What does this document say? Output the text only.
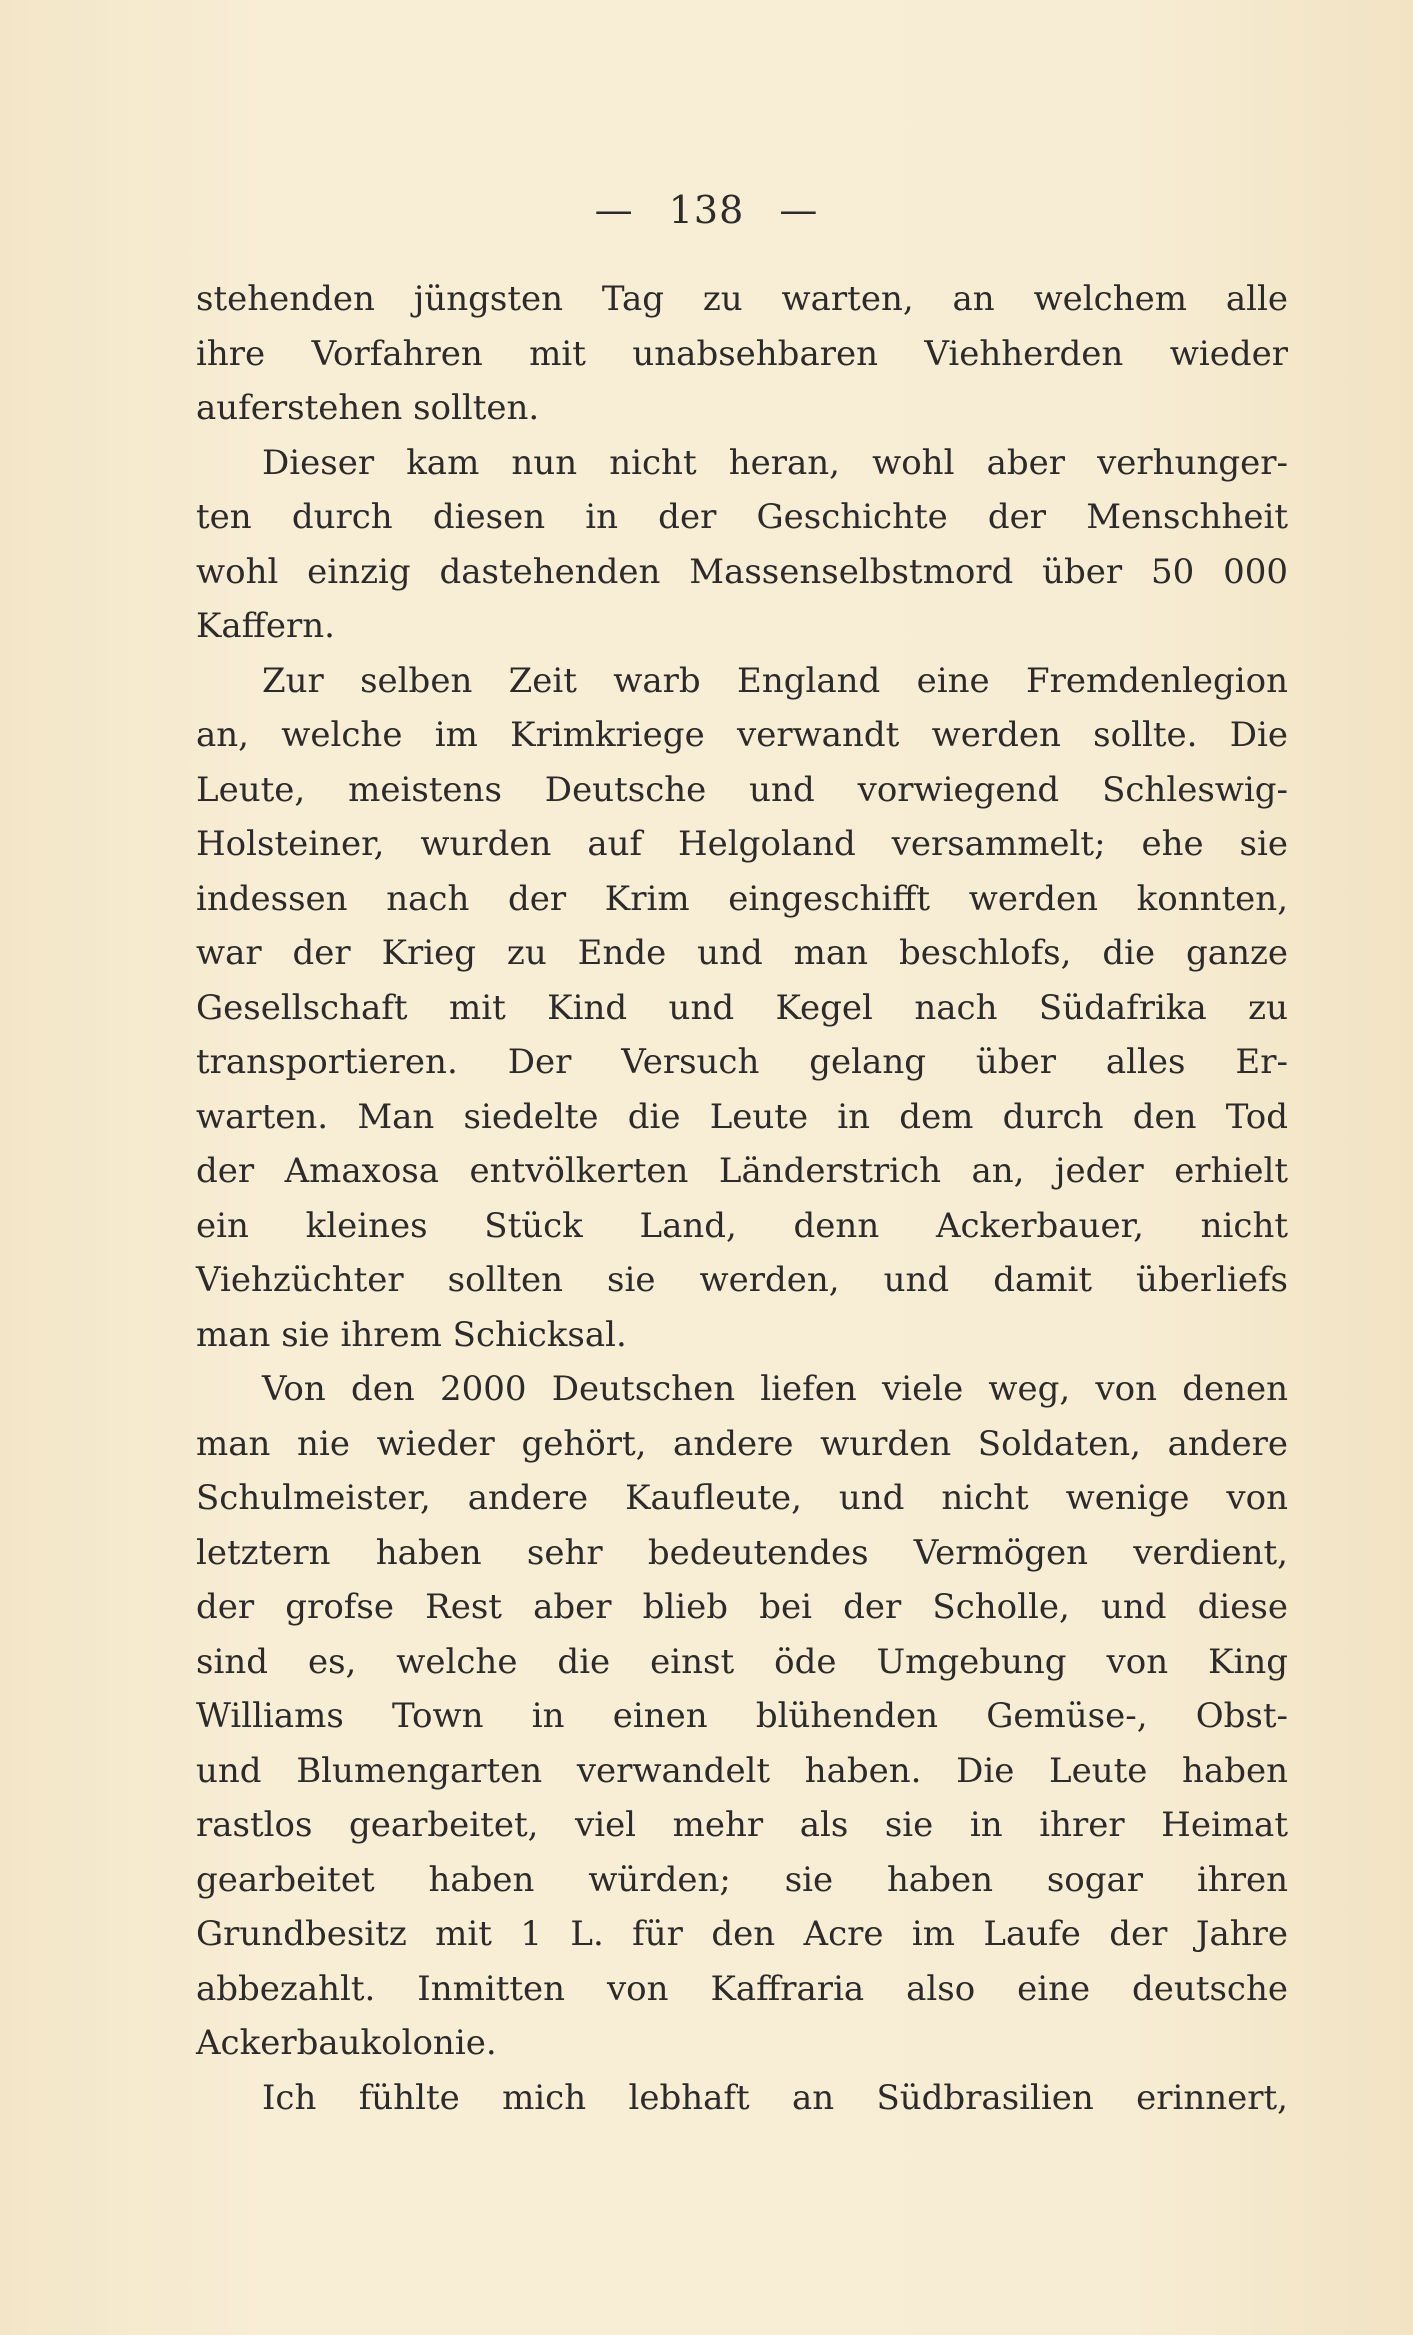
— 138 —
stehenden jüngsten Tag zu warten, an welchem alle
ihre Vorfahren mit unabsehbaren Viehherden wieder
auferstehen sollten.
Dieser kam nun nicht heran, wohl aber verhunger-
ten durch diesen in der Geschichte der Menschheit
wohl einzig dastehenden Massenselbstmord über 50 000
Kaffern.
Zur selben Zeit warb England eine Fremdenlegion
an, welche im Krimkriege verwandt werden sollte. Die
Leute, meistens Deutsche und vorwiegend Schleswig-
Holsteiner, wurden auf Helgoland versammelt; ehe sie
indessen nach der Krim eingeschifft werden konnten,
war der Krieg zu Ende und man beschlofs, die ganze
Gesellschaft mit Kind und Kegel nach Südafrika zu
transportieren. Der Versuch gelang über alles Er-
warten. Man siedelte die Leute in dem durch den Tod
der Amaxosa entvölkerten Länderstrich an, jeder erhielt
ein kleines Stück Land, denn Ackerbauer, nicht
Viehzüchter sollten sie werden, und damit überliefs
man sie ihrem Schicksal.
Von den 2000 Deutschen liefen viele weg, von denen
man nie wieder gehört, andere wurden Soldaten, andere
Schulmeister, andere Kaufleute, und nicht wenige von
letztern haben sehr bedeutendes Vermögen verdient,
der grofse Rest aber blieb bei der Scholle, und diese
sind es, welche die einst öde Umgebung von King
Williams Town in einen blühenden Gemüse-, Obst-
und Blumengarten verwandelt haben. Die Leute haben
rastlos gearbeitet, viel mehr als sie in ihrer Heimat
gearbeitet haben würden; sie haben sogar ihren
Grundbesitz mit 1 L. für den Acre im Laufe der Jahre
abbezahlt. Inmitten von Kaffraria also eine deutsche
Ackerbaukolonie.
Ich fühlte mich lebhaft an Südbrasilien erinnert,
